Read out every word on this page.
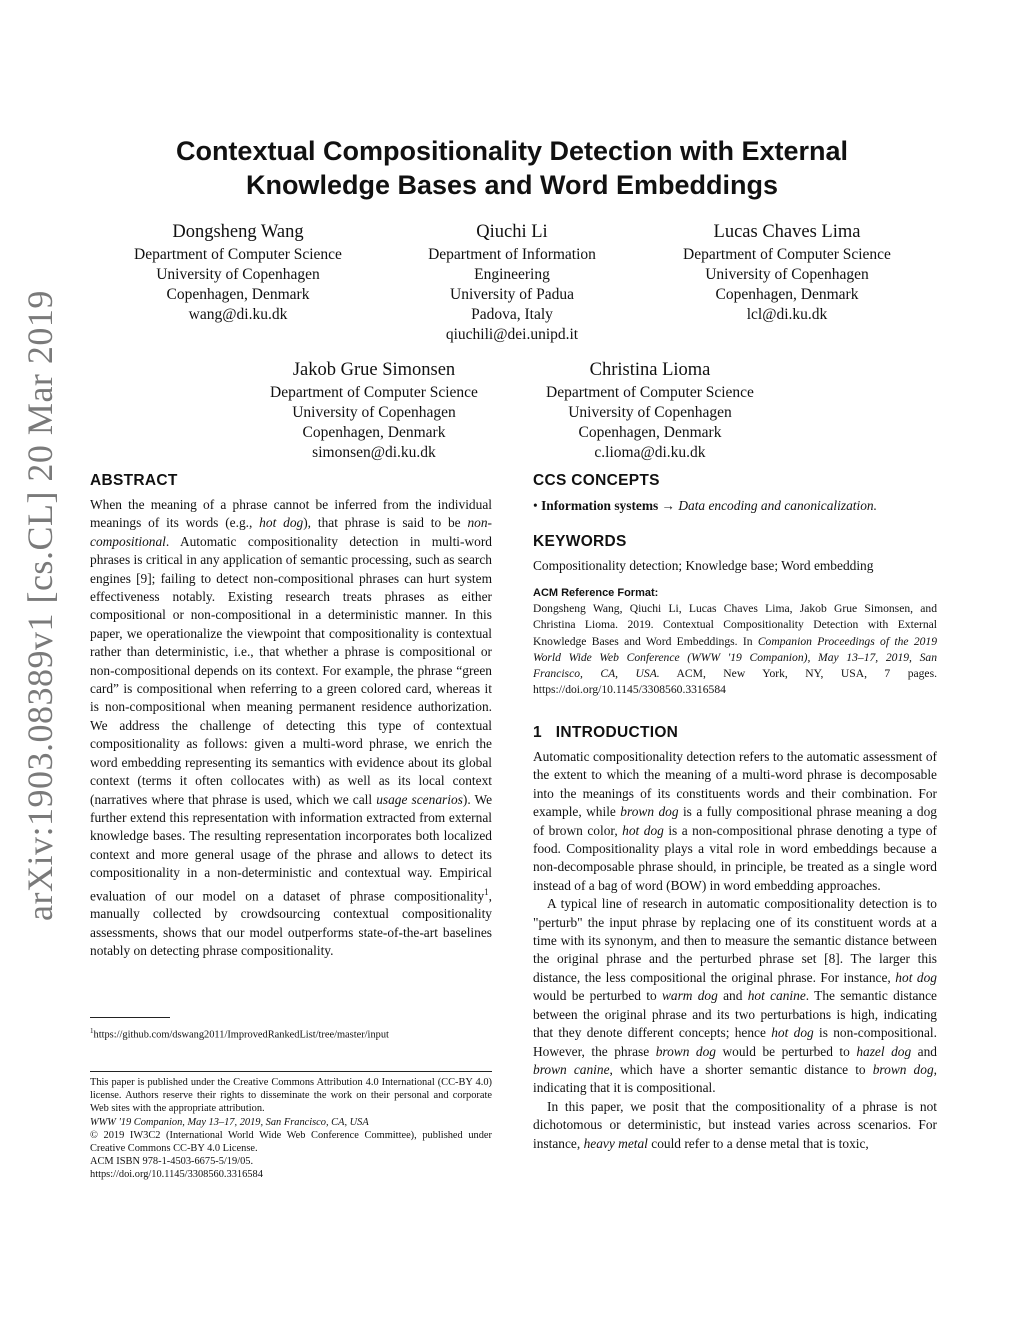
arXiv:1903.08389v1 [cs.CL] 20 Mar 2019
Contextual Compositionality Detection with External
Knowledge Bases and Word Embeddings
Dongsheng Wang
Department of Computer Science
University of Copenhagen
Copenhagen, Denmark
wang@di.ku.dk
Qiuchi Li
Department of Information
Engineering
University of Padua
Padova, Italy
qiuchili@dei.unipd.it
Lucas Chaves Lima
Department of Computer Science
University of Copenhagen
Copenhagen, Denmark
lcl@di.ku.dk
Jakob Grue Simonsen
Department of Computer Science
University of Copenhagen
Copenhagen, Denmark
simonsen@di.ku.dk
Christina Lioma
Department of Computer Science
University of Copenhagen
Copenhagen, Denmark
c.lioma@di.ku.dk
ABSTRACT
When the meaning of a phrase cannot be inferred from the individual meanings of its words (e.g., hot dog), that phrase is said to be non-compositional. Automatic compositionality detection in multi-word phrases is critical in any application of semantic processing, such as search engines [9]; failing to detect non-compositional phrases can hurt system effectiveness notably. Existing research treats phrases as either compositional or non-compositional in a deterministic manner. In this paper, we operationalize the viewpoint that compositionality is contextual rather than deterministic, i.e., that whether a phrase is compositional or non-compositional depends on its context. For example, the phrase “green card” is compositional when referring to a green colored card, whereas it is non-compositional when meaning permanent residence authorization. We address the challenge of detecting this type of contextual compositionality as follows: given a multi-word phrase, we enrich the word embedding representing its semantics with evidence about its global context (terms it often collocates with) as well as its local context (narratives where that phrase is used, which we call usage scenarios). We further extend this representation with information extracted from external knowledge bases. The resulting representation incorporates both localized context and more general usage of the phrase and allows to detect its compositionality in a non-deterministic and contextual way. Empirical evaluation of our model on a dataset of phrase compositionality$^1$, manually collected by crowdsourcing contextual compositionality assessments, shows that our model outperforms state-of-the-art baselines notably on detecting phrase compositionality.
$^1$https://github.com/dswang2011/ImprovedRankedList/tree/master/input
This paper is published under the Creative Commons Attribution 4.0 International (CC-BY 4.0) license. Authors reserve their rights to disseminate the work on their personal and corporate Web sites with the appropriate attribution.
WWW '19 Companion, May 13–17, 2019, San Francisco, CA, USA
© 2019 IW3C2 (International World Wide Web Conference Committee), published under Creative Commons CC-BY 4.0 License.
ACM ISBN 978-1-4503-6675-5/19/05.
https://doi.org/10.1145/3308560.3316584
CCS CONCEPTS
• Information systems → Data encoding and canonicalization.
KEYWORDS
Compositionality detection; Knowledge base; Word embedding
ACM Reference Format:
Dongsheng Wang, Qiuchi Li, Lucas Chaves Lima, Jakob Grue Simonsen, and Christina Lioma. 2019. Contextual Compositionality Detection with External Knowledge Bases and Word Embeddings. In Companion Proceedings of the 2019 World Wide Web Conference (WWW '19 Companion), May 13–17, 2019, San Francisco, CA, USA. ACM, New York, NY, USA, 7 pages. https://doi.org/10.1145/3308560.3316584
1 INTRODUCTION
Automatic compositionality detection refers to the automatic assessment of the extent to which the meaning of a multi-word phrase is decomposable into the meanings of its constituents words and their combination. For example, while brown dog is a fully compositional phrase meaning a dog of brown color, hot dog is a non-compositional phrase denoting a type of food. Compositionality plays a vital role in word embeddings because a non-decomposable phrase should, in principle, be treated as a single word instead of a bag of word (BOW) in word embedding approaches.
A typical line of research in automatic compositionality detection is to "perturb" the input phrase by replacing one of its constituent words at a time with its synonym, and then to measure the semantic distance between the original phrase and the perturbed phrase set [8]. The larger this distance, the less compositional the original phrase. For instance, hot dog would be perturbed to warm dog and hot canine. The semantic distance between the original phrase and its two perturbations is high, indicating that they denote different concepts; hence hot dog is non-compositional. However, the phrase brown dog would be perturbed to hazel dog and brown canine, which have a shorter semantic distance to brown dog, indicating that it is compositional.
In this paper, we posit that the compositionality of a phrase is not dichotomous or deterministic, but instead varies across scenarios. For instance, heavy metal could refer to a dense metal that is toxic,
